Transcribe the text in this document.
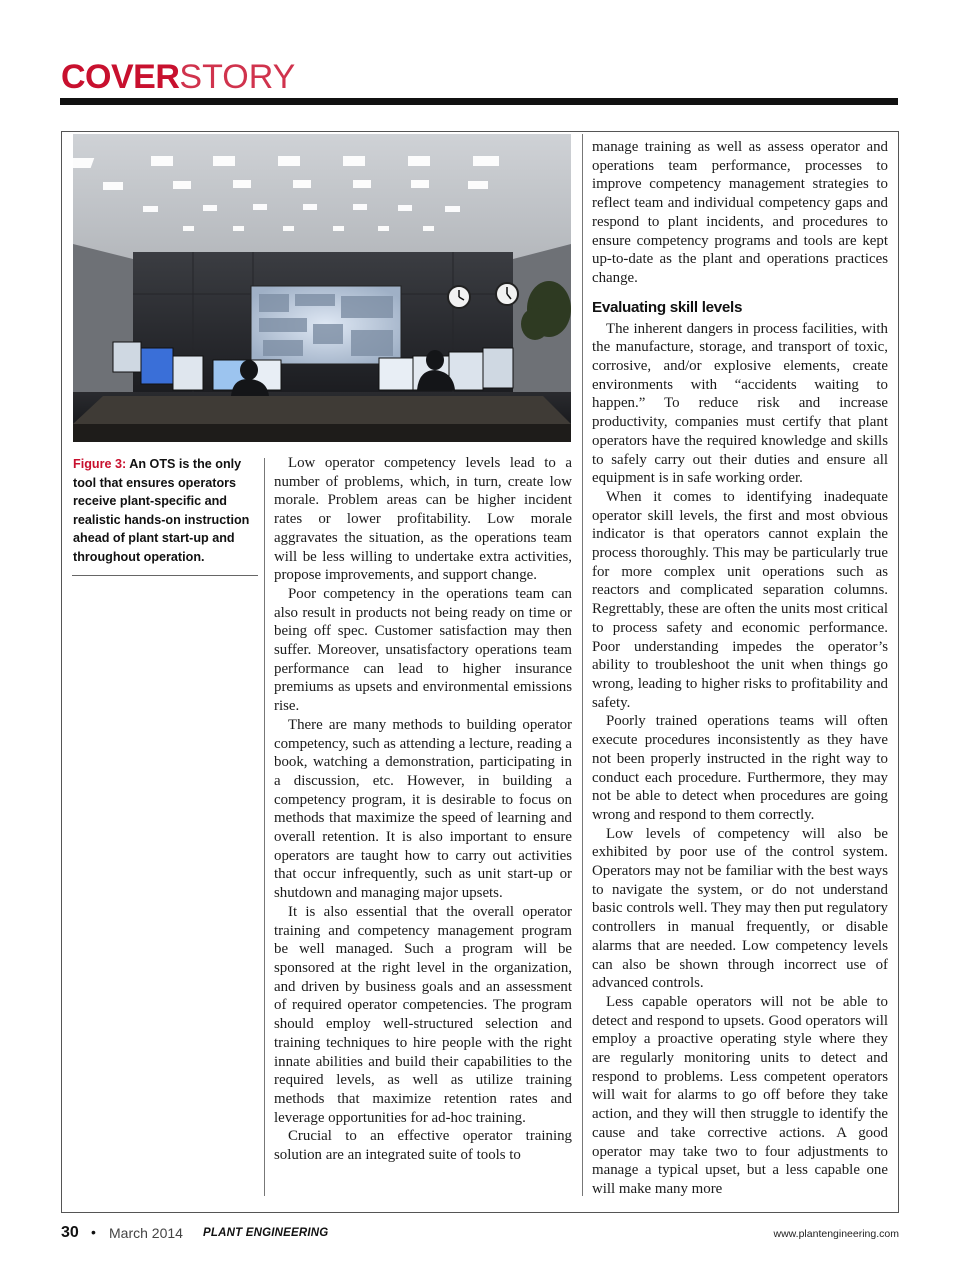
COVERSTORY
Figure 3: An OTS is the only tool that ensures operators receive plant-specific and realistic hands-on instruction ahead of plant start-up and throughout operation.

Low operator competency levels lead to a number of problems, which, in turn, create low morale. Problem areas can be higher incident rates or lower profitability. Low morale aggravates the situation, as the operations team will be less willing to undertake extra activities, propose improvements, and support change.

Poor competency in the operations team can also result in products not being ready on time or being off spec. Customer satisfaction may then suffer. Moreover, unsatisfactory operations team performance can lead to higher insurance premiums as upsets and environmental emissions rise.

There are many methods to building operator competency, such as attending a lecture, reading a book, watching a demonstration, participating in a discussion, etc. However, in building a competency program, it is desirable to focus on methods that maximize the speed of learning and overall retention. It is also important to ensure operators are taught how to carry out activities that occur infrequently, such as unit start-up or shutdown and managing major upsets.

It is also essential that the overall operator training and competency management program be well managed. Such a program will be sponsored at the right level in the organization, and driven by business goals and an assessment of required operator competencies. The program should employ well-structured selection and training techniques to hire people with the right innate abilities and build their capabilities to the required levels, as well as utilize training methods that maximize retention rates and leverage opportunities for ad-hoc training.

Crucial to an effective operator training solution are an integrated suite of tools to

manage training as well as assess operator and operations team performance, processes to improve competency management strategies to reflect team and individual competency gaps and respond to plant incidents, and procedures to ensure competency programs and tools are kept up-to-date as the plant and operations practices change.

Evaluating skill levels

The inherent dangers in process facilities, with the manufacture, storage, and transport of toxic, corrosive, and/or explosive elements, create environments with “accidents waiting to happen.” To reduce risk and increase productivity, companies must certify that plant operators have the required knowledge and skills to safely carry out their duties and ensure all equipment is in safe working order.

When it comes to identifying inadequate operator skill levels, the first and most obvious indicator is that operators cannot explain the process thoroughly. This may be particularly true for more complex unit operations such as reactors and complicated separation columns. Regrettably, these are often the units most critical to process safety and economic performance. Poor understanding impedes the operator’s ability to troubleshoot the unit when things go wrong, leading to higher risks to profitability and safety.

Poorly trained operations teams will often execute procedures inconsistently as they have not been properly instructed in the right way to conduct each procedure. Furthermore, they may not be able to detect when procedures are going wrong and respond to them correctly.

Low levels of competency will also be exhibited by poor use of the control system. Operators may not be familiar with the best ways to navigate the system, or do not understand basic controls well. They may then put regulatory controllers in manual frequently, or disable alarms that are needed. Low competency levels can also be shown through incorrect use of advanced controls.

Less capable operators will not be able to detect and respond to upsets. Good operators will employ a proactive operating style where they are regularly monitoring units to detect and respond to problems. Less competent operators will wait for alarms to go off before they take action, and they will then struggle to identify the cause and take corrective actions. A good operator may take two to four adjustments to manage a typical upset, but a less capable one will make many more

30 • March 2014 PLANT ENGINEERING	www.plantengineering.com
